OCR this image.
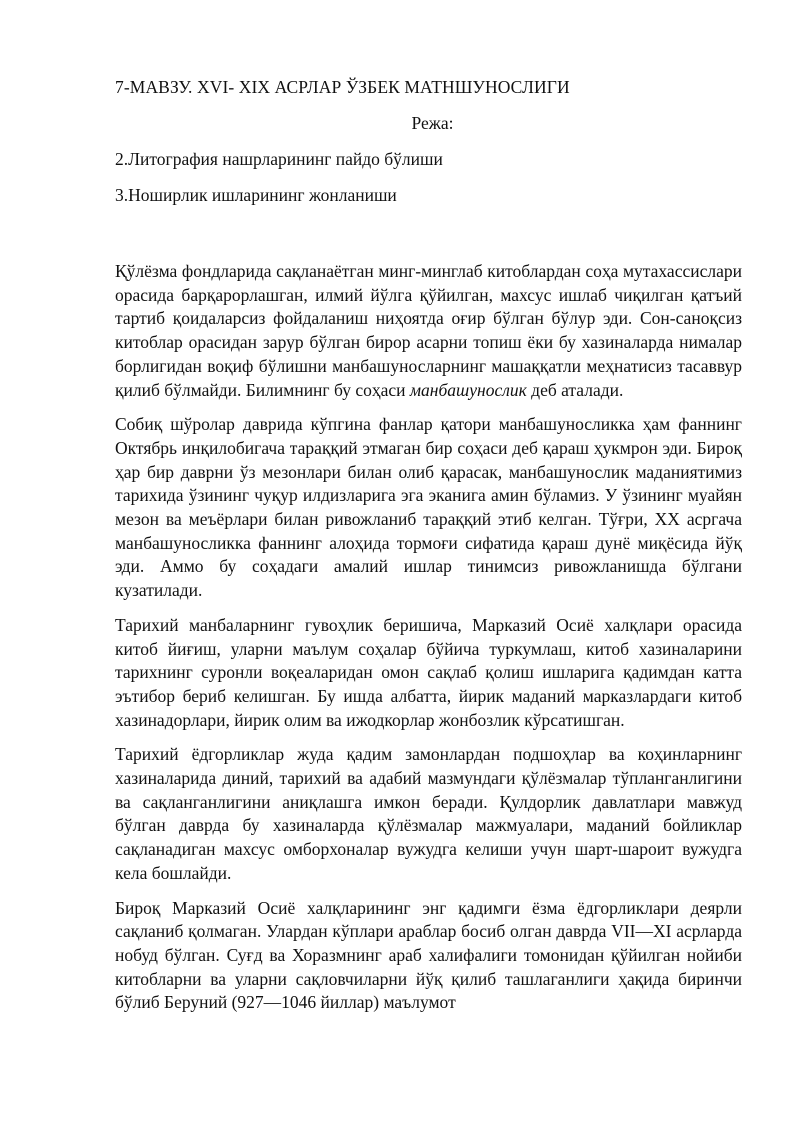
7-МАВЗУ. XVI- XIX АСРЛАР ЎЗБЕК МАТНШУНОСЛИГИ

Режа:

2.Литография нашрларининг пайдо бўлиши

3.Ноширлик ишларининг жонланиши

Қўлёзма фондларида сақланаётган минг-минглаб китоблардан соҳа мутахассислари орасида барқарорлашган, илмий йўлга қўйилган, махсус ишлаб чиқилган қатъий тартиб қоидаларсиз фойдаланиш ниҳоятда оғир бўлган бўлур эди. Сон-саноқсиз китоблар орасидан зарур бўлган бирор асарни топиш ёки бу хазиналарда нималар борлигидан воқиф бўлишни манбашуносларнинг машаққатли меҳнатисиз тасаввур қилиб бўлмайди. Билимнинг бу соҳаси манбашунослик деб аталади.

Собиқ шўролар даврида кўпгина фанлар қатори манбашуносликка ҳам фаннинг Октябрь инқилобигача тараққий этмаган бир соҳаси деб қараш ҳукмрон эди. Бироқ ҳар бир даврни ўз мезонлари билан олиб қарасак, манбашунослик маданиятимиз тарихида ўзининг чуқур илдизларига эга эканига амин бўламиз. У ўзининг муайян мезон ва меъёрлари билан ривожланиб тараққий этиб келган. Тўғри, XX асргача манбашуносликка фаннинг алоҳида тормоғи сифатида қараш дунё миқёсида йўқ эди. Аммо бу соҳадаги амалий ишлар тинимсиз ривожланишда бўлгани кузатилади.

Тарихий манбаларнинг гувоҳлик беришича, Марказий Осиё халқлари орасида китоб йиғиш, уларни маълум соҳалар бўйича туркумлаш, китоб хазиналарини тарихнинг суронли воқеаларидан омон сақлаб қолиш ишларига қадимдан катта эътибор бериб келишган. Бу ишда албатта, йирик маданий марказлардаги китоб хазинадорлари, йирик олим ва ижодкорлар жонбозлик кўрсатишган.

Тарихий ёдгорликлар жуда қадим замонлардан подшоҳлар ва коҳинларнинг хазиналарида диний, тарихий ва адабий мазмундаги қўлёзмалар тўпланганлигини ва сақланганлигини аниқлашга имкон беради. Қулдорлик давлатлари мавжуд бўлган даврда бу хазиналарда қўлёзмалар мажмуалари, маданий бойликлар сақланадиган махсус омборхоналар вужудга келиши учун шарт-шароит вужудга кела бошлайди.

Бироқ Марказий Осиё халқларининг энг қадимги ёзма ёдгорликлари деярли сақланиб қолмаган. Улардан кўплари араблар босиб олган даврда VII—XI асрларда нобуд бўлган. Суғд ва Хоразмнинг араб халифалиги томонидан қўйилган нойиби китобларни ва уларни сақловчиларни йўқ қилиб ташлаганлиги ҳақида биринчи бўлиб Беруний (927—1046 йиллар) маълумот
